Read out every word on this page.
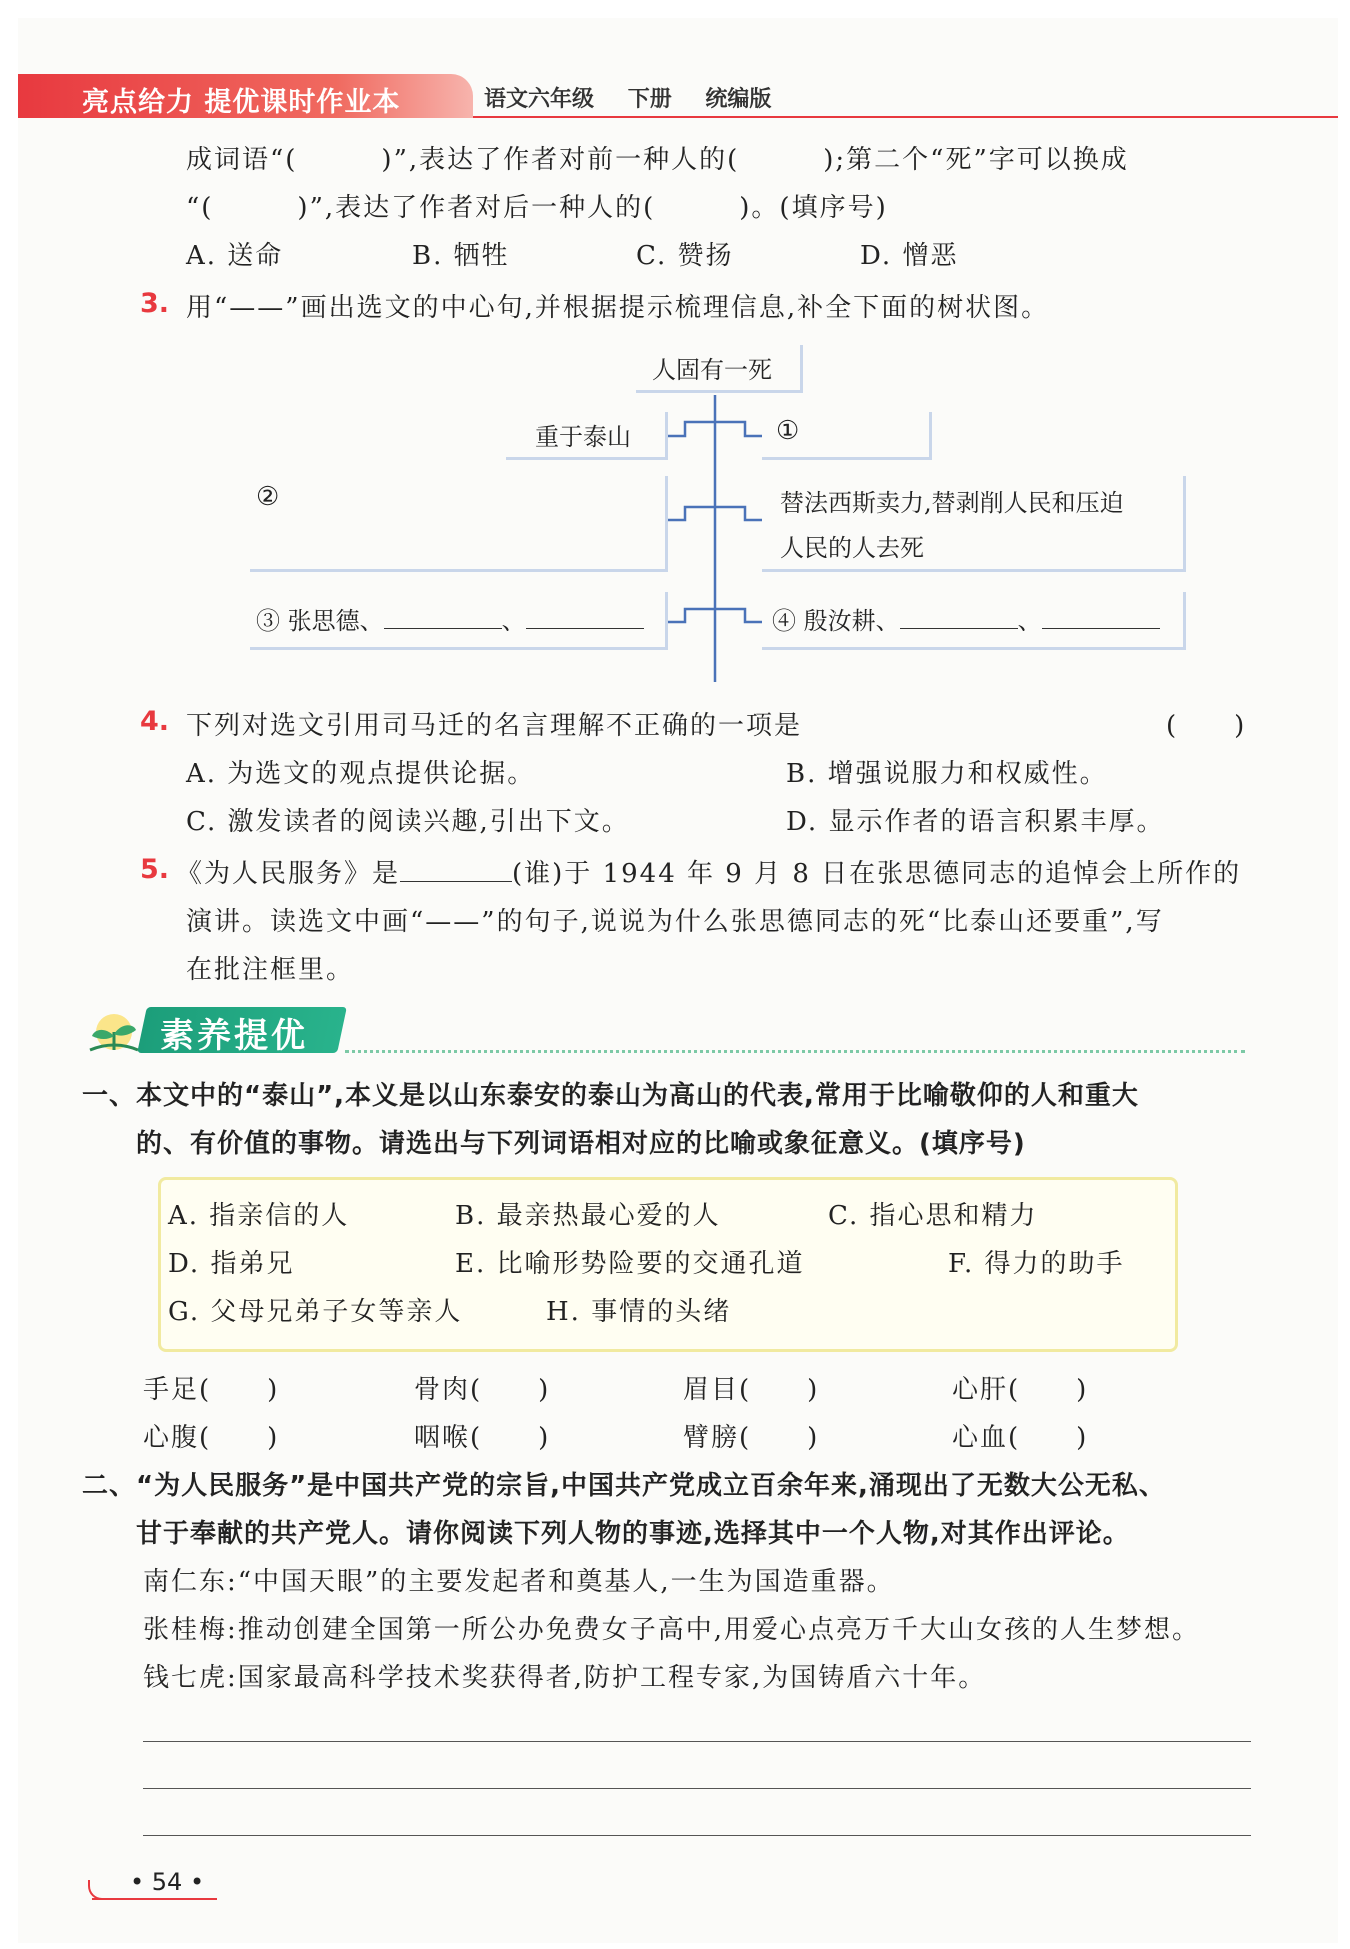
亮点给力 提优课时作业本	语文六年级 下册 统编版
成词语“(　　　)”,表达了作者对前一种人的(　　　);第二个“死”字可以换成
“(　　　)”,表达了作者对后一种人的(　　　)。(填序号)
A. 送命	B. 牺牲	C. 赞扬	D. 憎恶
3. 用“——”画出选文的中心句,并根据提示梳理信息,补全下面的树状图。
人固有一死
重于泰山	①
②	替法西斯卖力,替剥削人民和压迫
人民的人去死
③ 张思德、	、	④ 殷汝耕、	、
4. 下列对选文引用司马迁的名言理解不正确的一项是	(　　)
A. 为选文的观点提供论据。	B. 增强说服力和权威性。
C. 激发读者的阅读兴趣,引出下文。	D. 显示作者的语言积累丰厚。
5. 《为人民服务》是	(谁)于 1944 年 9 月 8 日在张思德同志的追悼会上所作的
演讲。读选文中画“——”的句子,说说为什么张思德同志的死“比泰山还要重”,写
在批注框里。
素养提优
一、本文中的“泰山”,本义是以山东泰安的泰山为高山的代表,常用于比喻敬仰的人和重大
的、有价值的事物。请选出与下列词语相对应的比喻或象征意义。(填序号)
A. 指亲信的人	B. 最亲热最心爱的人	C. 指心思和精力
D. 指弟兄	E. 比喻形势险要的交通孔道	F. 得力的助手
G. 父母兄弟子女等亲人	H. 事情的头绪
手足(　　)	骨肉(　　)	眉目(　　)	心肝(　　)
心腹(　　)	咽喉(　　)	臂膀(　　)	心血(　　)
二、“为人民服务”是中国共产党的宗旨,中国共产党成立百余年来,涌现出了无数大公无私、
甘于奉献的共产党人。请你阅读下列人物的事迹,选择其中一个人物,对其作出评论。
南仁东:“中国天眼”的主要发起者和奠基人,一生为国造重器。
张桂梅:推动创建全国第一所公办免费女子高中,用爱心点亮万千大山女孩的人生梦想。
钱七虎:国家最高科学技术奖获得者,防护工程专家,为国铸盾六十年。
• 54 •
